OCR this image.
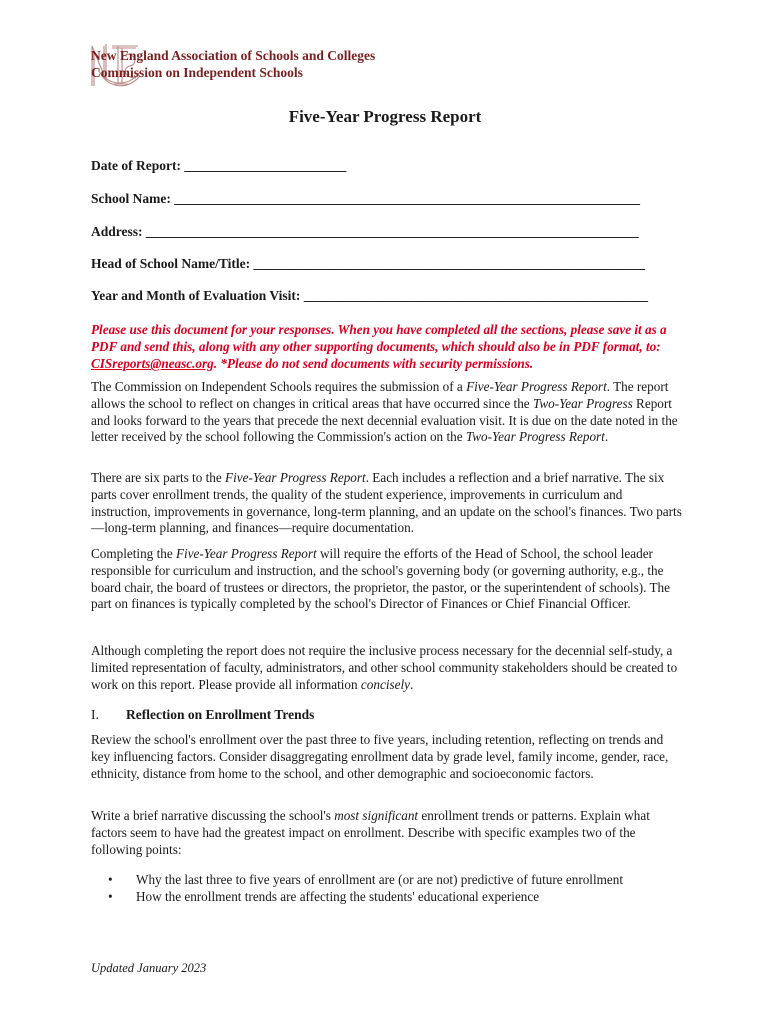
New England Association of Schools and Colleges
Commission on Independent Schools
Five-Year Progress Report
Date of Report: ________________________
School Name: _____________________________________________________________________
Address: _________________________________________________________________________
Head of School Name/Title: __________________________________________________________
Year and Month of Evaluation Visit: ___________________________________________________
Please use this document for your responses. When you have completed all the sections, please save it as a PDF and send this, along with any other supporting documents, which should also be in PDF format, to: CISreports@neasc.org. *Please do not send documents with security permissions.
The Commission on Independent Schools requires the submission of a Five-Year Progress Report. The report allows the school to reflect on changes in critical areas that have occurred since the Two-Year Progress Report and looks forward to the years that precede the next decennial evaluation visit. It is due on the date noted in the letter received by the school following the Commission's action on the Two-Year Progress Report.
There are six parts to the Five-Year Progress Report. Each includes a reflection and a brief narrative. The six parts cover enrollment trends, the quality of the student experience, improvements in curriculum and instruction, improvements in governance, long-term planning, and an update on the school's finances. Two parts—long-term planning, and finances—require documentation.
Completing the Five-Year Progress Report will require the efforts of the Head of School, the school leader responsible for curriculum and instruction, and the school's governing body (or governing authority, e.g., the board chair, the board of trustees or directors, the proprietor, the pastor, or the superintendent of schools). The part on finances is typically completed by the school's Director of Finances or Chief Financial Officer.
Although completing the report does not require the inclusive process necessary for the decennial self-study, a limited representation of faculty, administrators, and other school community stakeholders should be created to work on this report. Please provide all information concisely.
I. Reflection on Enrollment Trends
Review the school's enrollment over the past three to five years, including retention, reflecting on trends and key influencing factors. Consider disaggregating enrollment data by grade level, family income, gender, race, ethnicity, distance from home to the school, and other demographic and socioeconomic factors.
Write a brief narrative discussing the school's most significant enrollment trends or patterns. Explain what factors seem to have had the greatest impact on enrollment. Describe with specific examples two of the following points:
• Why the last three to five years of enrollment are (or are not) predictive of future enrollment
• How the enrollment trends are affecting the students' educational experience
Updated January 2023
